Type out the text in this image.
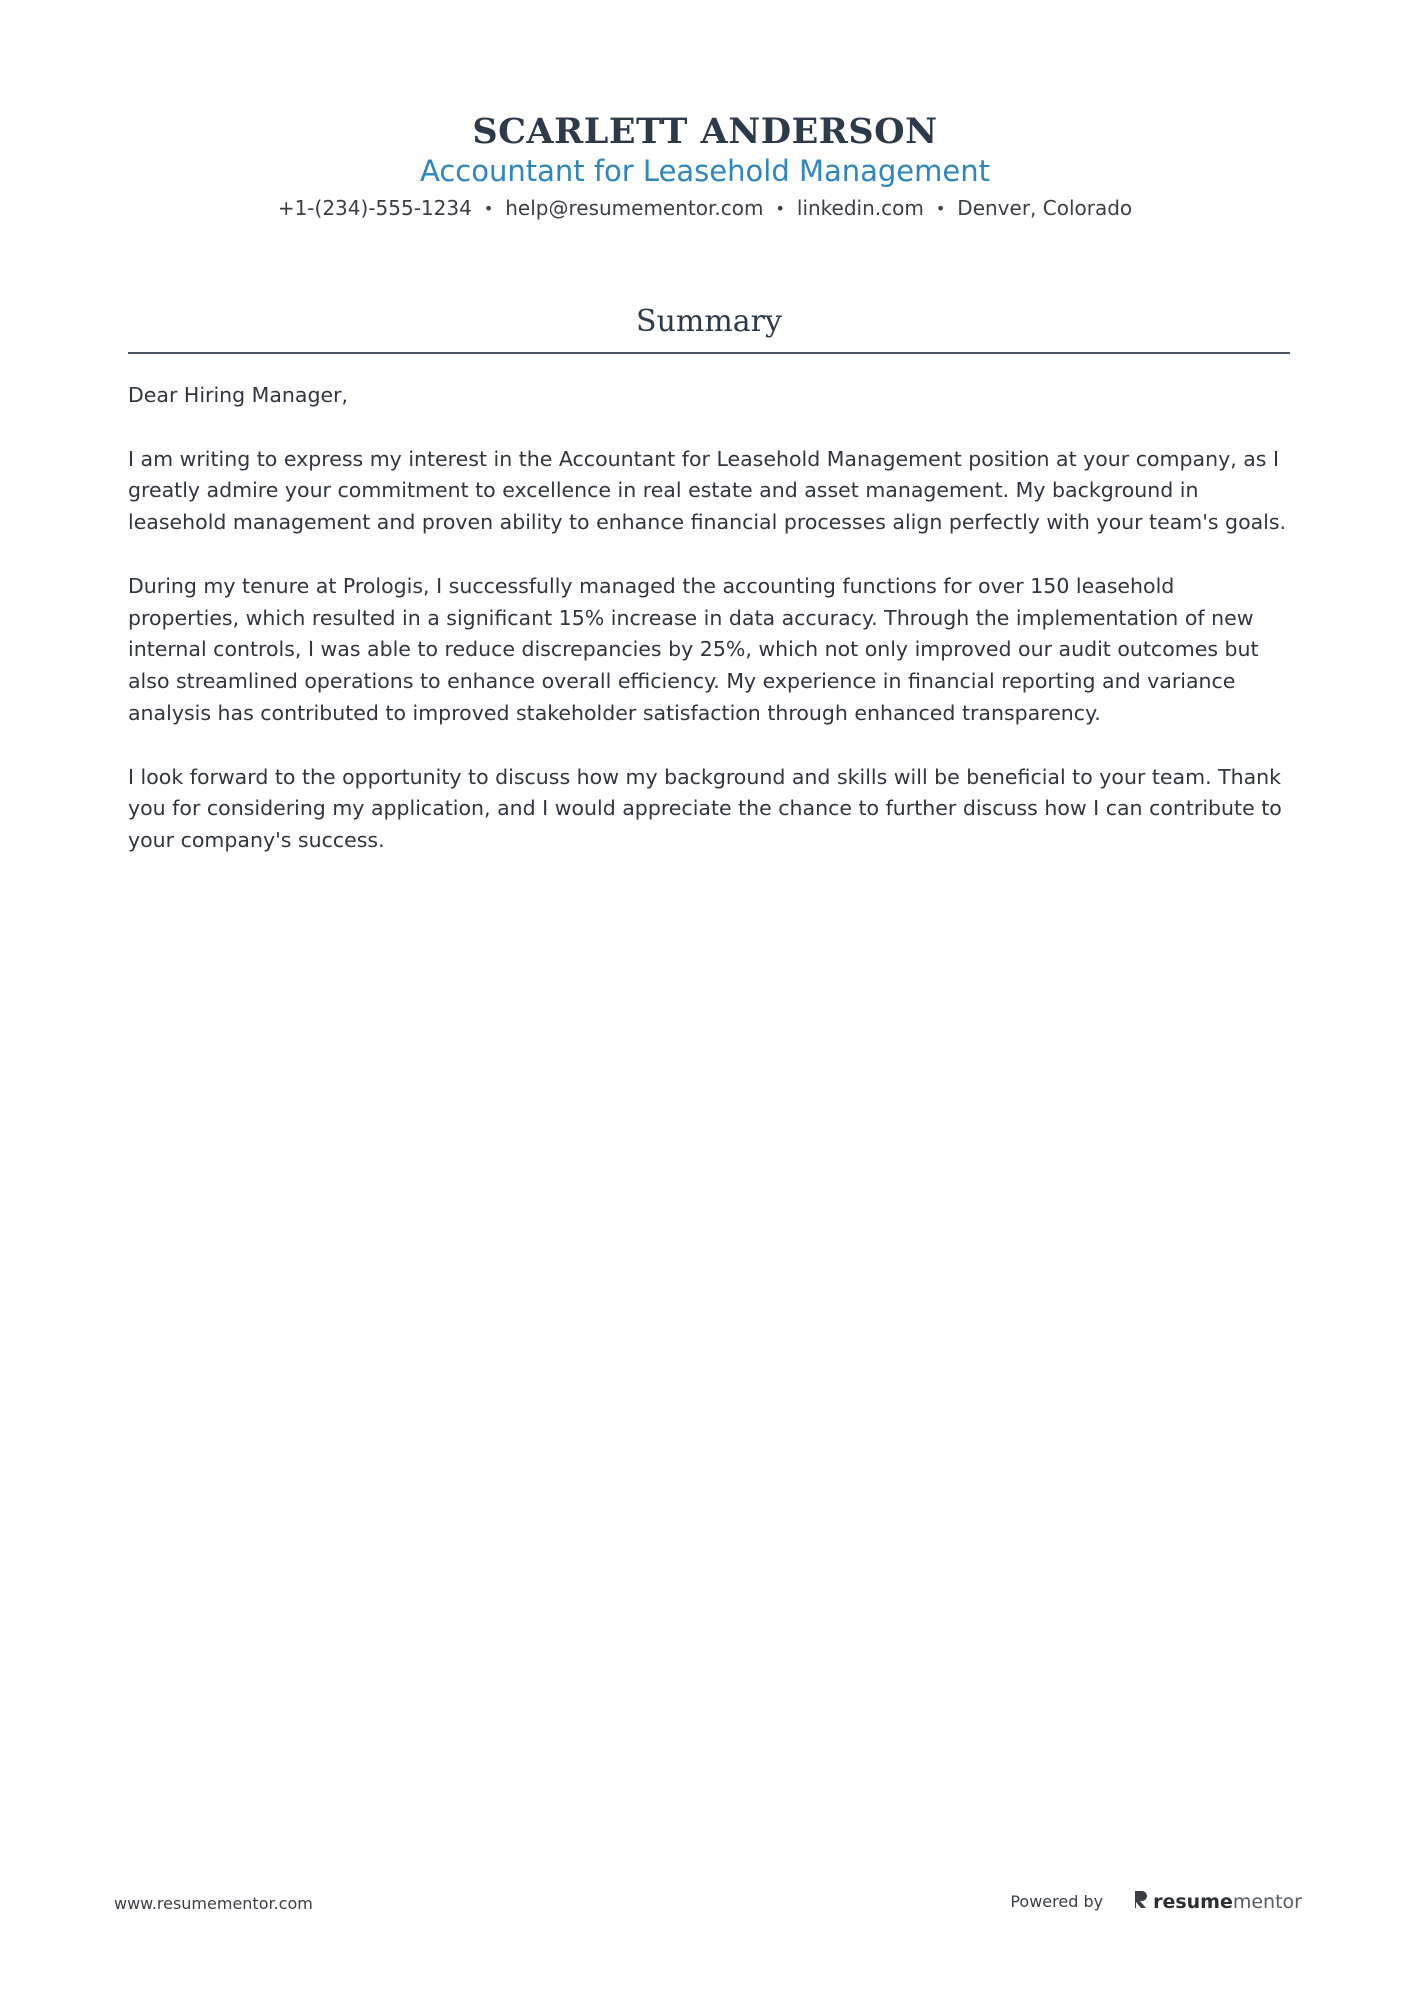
SCARLETT ANDERSON
Accountant for Leasehold Management
+1-(234)-555-1234 • help@resumementor.com • linkedin.com • Denver, Colorado
Summary

Dear Hiring Manager,

I am writing to express my interest in the Accountant for Leasehold Management position at your company, as I greatly admire your commitment to excellence in real estate and asset management. My background in leasehold management and proven ability to enhance financial processes align perfectly with your team's goals.

During my tenure at Prologis, I successfully managed the accounting functions for over 150 leasehold properties, which resulted in a significant 15% increase in data accuracy. Through the implementation of new internal controls, I was able to reduce discrepancies by 25%, which not only improved our audit outcomes but also streamlined operations to enhance overall efficiency. My experience in financial reporting and variance analysis has contributed to improved stakeholder satisfaction through enhanced transparency.

I look forward to the opportunity to discuss how my background and skills will be beneficial to your team. Thank you for considering my application, and I would appreciate the chance to further discuss how I can contribute to your company's success.

www.resumementor.com	Powered by	resume mentor
